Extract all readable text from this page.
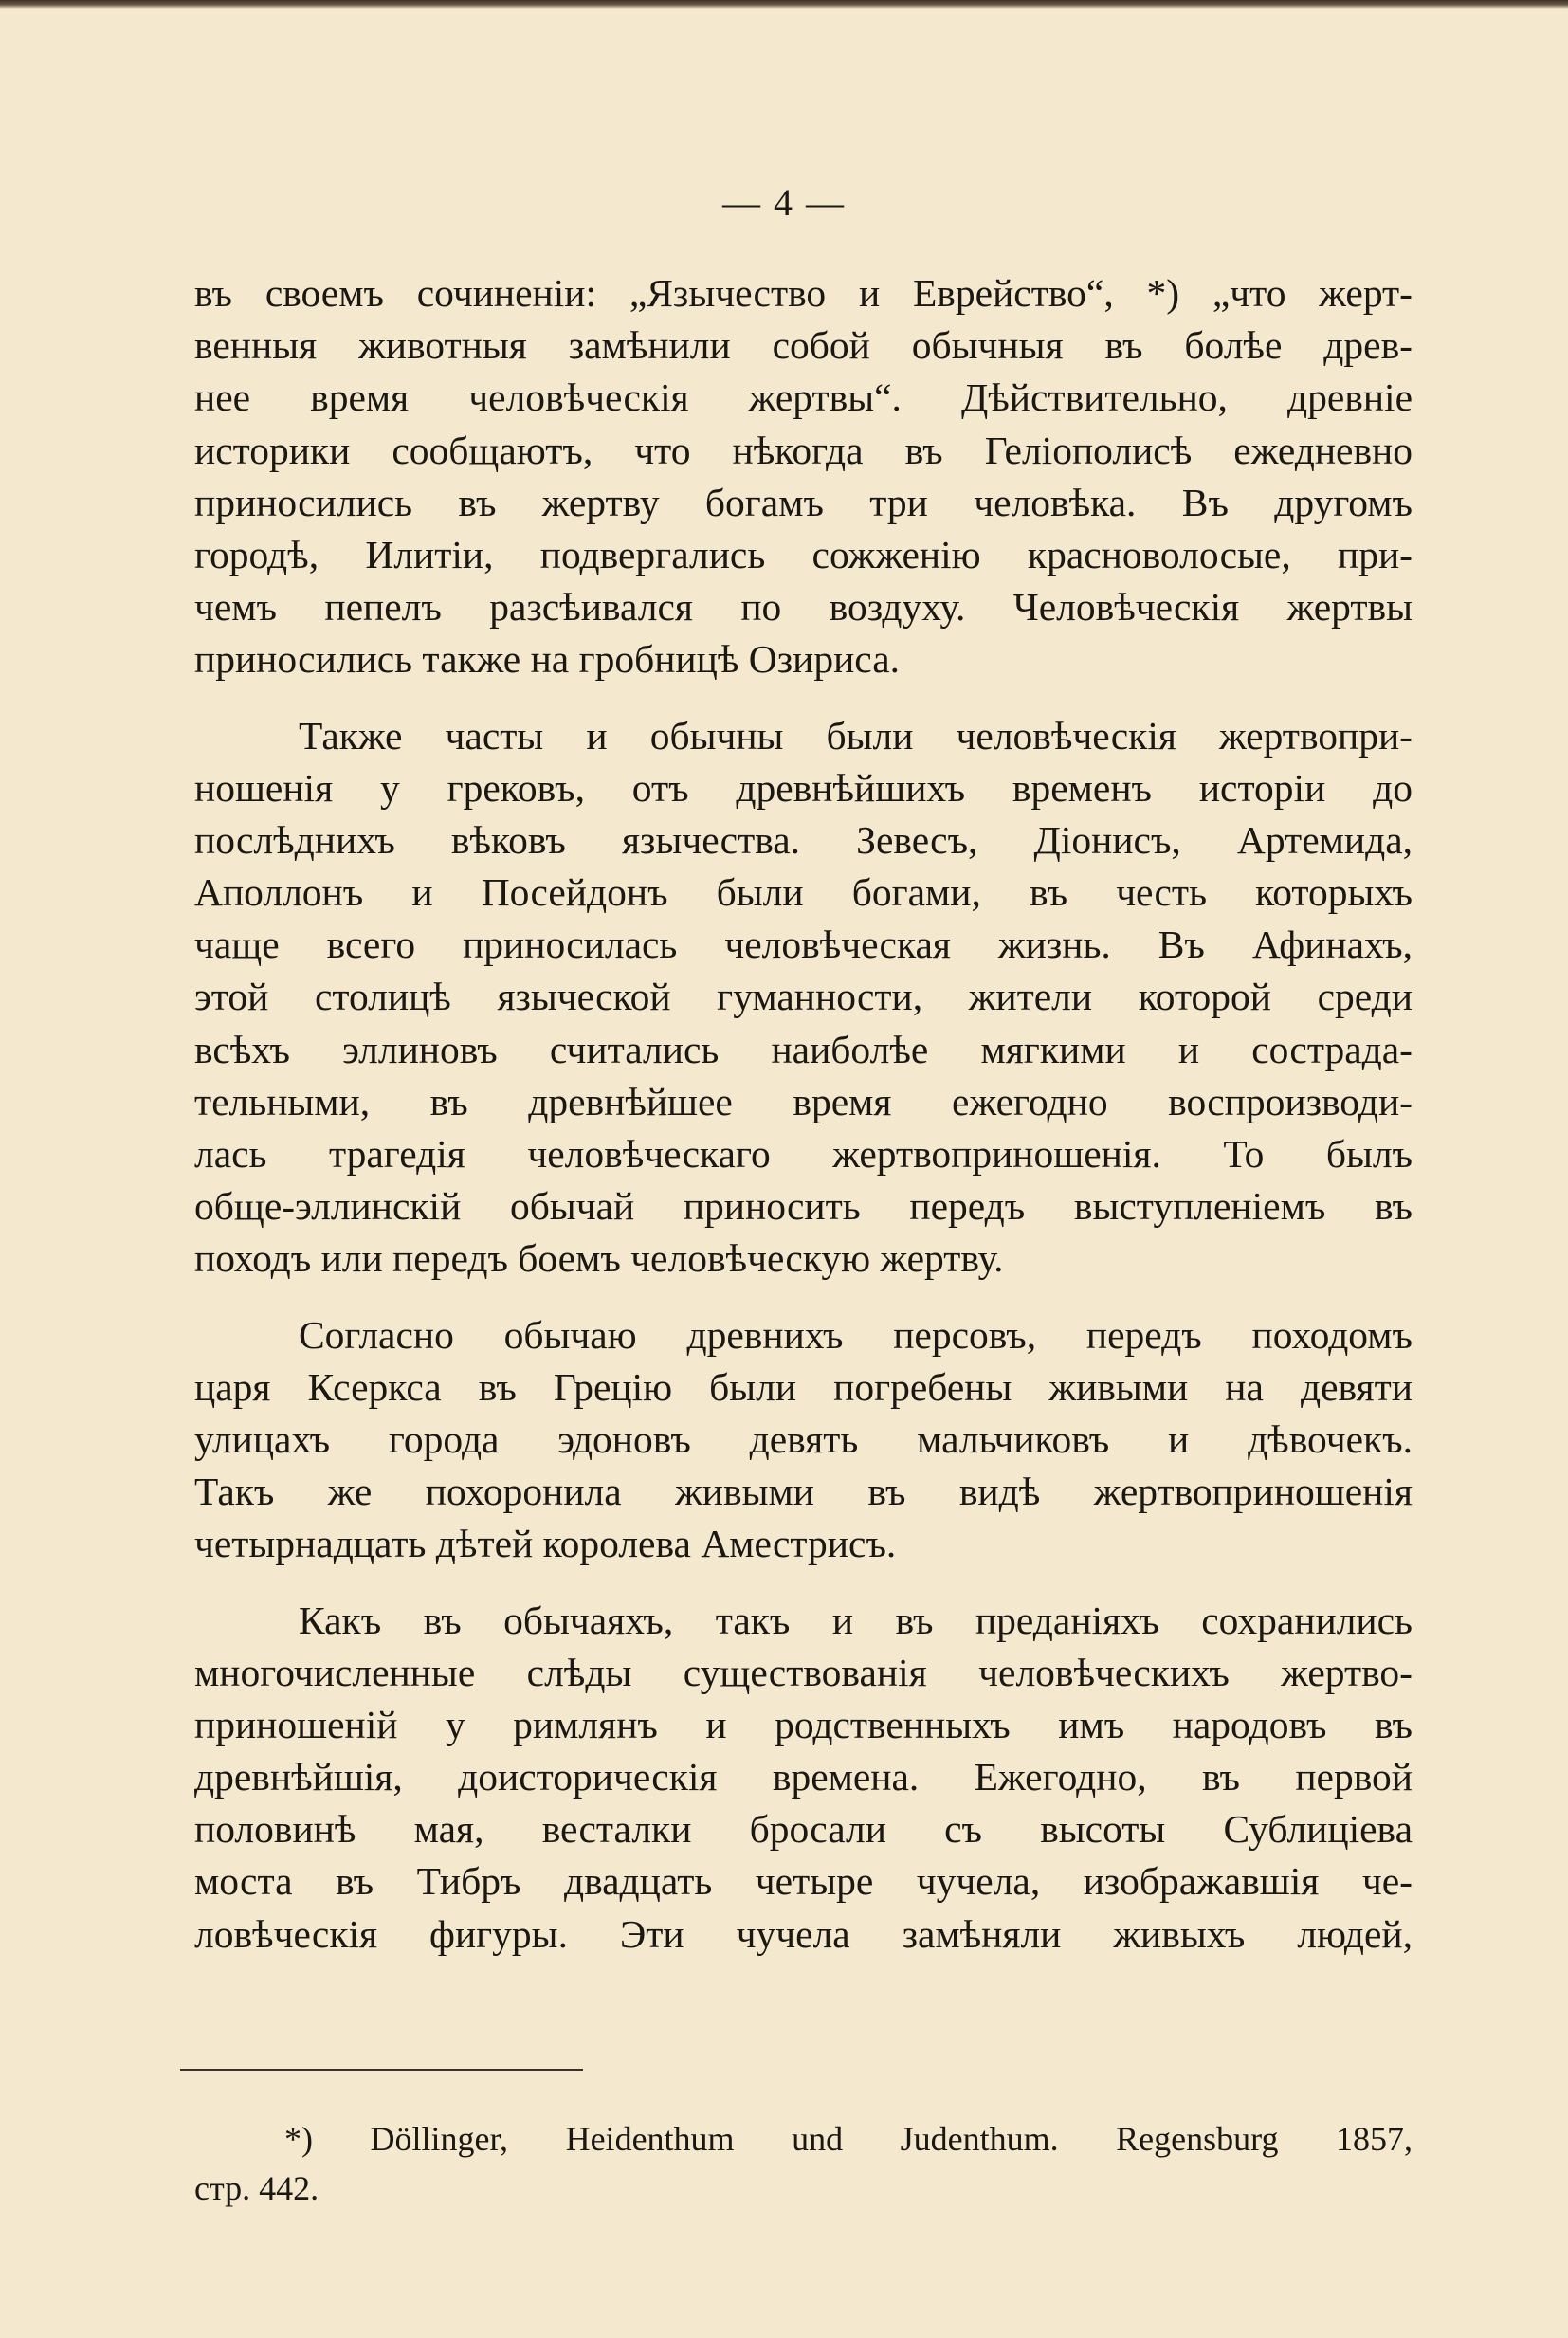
— 4 —
въ своемъ сочиненіи: „Язычество и Еврейство“, *) „что жерт-
венныя животныя замѣнили собой обычныя въ болѣе древ-
нее время человѣческія жертвы“. Дѣйствительно, древніе
историки сообщаютъ, что нѣкогда въ Геліополисѣ ежедневно
приносились въ жертву богамъ три человѣка. Въ другомъ
городѣ, Илитіи, подвергались сожженію красноволосые, при-
чемъ пепелъ разсѣивался по воздуху. Человѣческія жертвы
приносились также на гробницѣ Озириса.
Также часты и обычны были человѣческія жертвопри-
ношенія у грековъ, отъ древнѣйшихъ временъ исторіи до
послѣднихъ вѣковъ язычества. Зевесъ, Діонисъ, Артемида,
Аполлонъ и Посейдонъ были богами, въ честь которыхъ
чаще всего приносилась человѣческая жизнь. Въ Афинахъ,
этой столицѣ языческой гуманности, жители которой среди
всѣхъ эллиновъ считались наиболѣе мягкими и сострада-
тельными, въ древнѣйшее время ежегодно воспроизводи-
лась трагедія человѣческаго жертвоприношенія. То былъ
обще-эллинскій обычай приносить передъ выступленіемъ въ
походъ или передъ боемъ человѣческую жертву.
Согласно обычаю древнихъ персовъ, передъ походомъ
царя Ксеркса въ Грецію были погребены живыми на девяти
улицахъ города эдоновъ девять мальчиковъ и дѣвочекъ.
Такъ же похоронила живыми въ видѣ жертвоприношенія
четырнадцать дѣтей королева Аместрисъ.
Какъ въ обычаяхъ, такъ и въ преданіяхъ сохранились
многочисленные слѣды существованія человѣческихъ жертво-
приношеній у римлянъ и родственныхъ имъ народовъ въ
древнѣйшія, доисторическія времена. Ежегодно, въ первой
половинѣ мая, весталки бросали съ высоты Сублиціева
моста въ Тибръ двадцать четыре чучела, изображавшія че-
ловѣческія фигуры. Эти чучела замѣняли живыхъ людей,
*) Döllinger, Heidenthum und Judenthum. Regensburg 1857,
стр. 442.
